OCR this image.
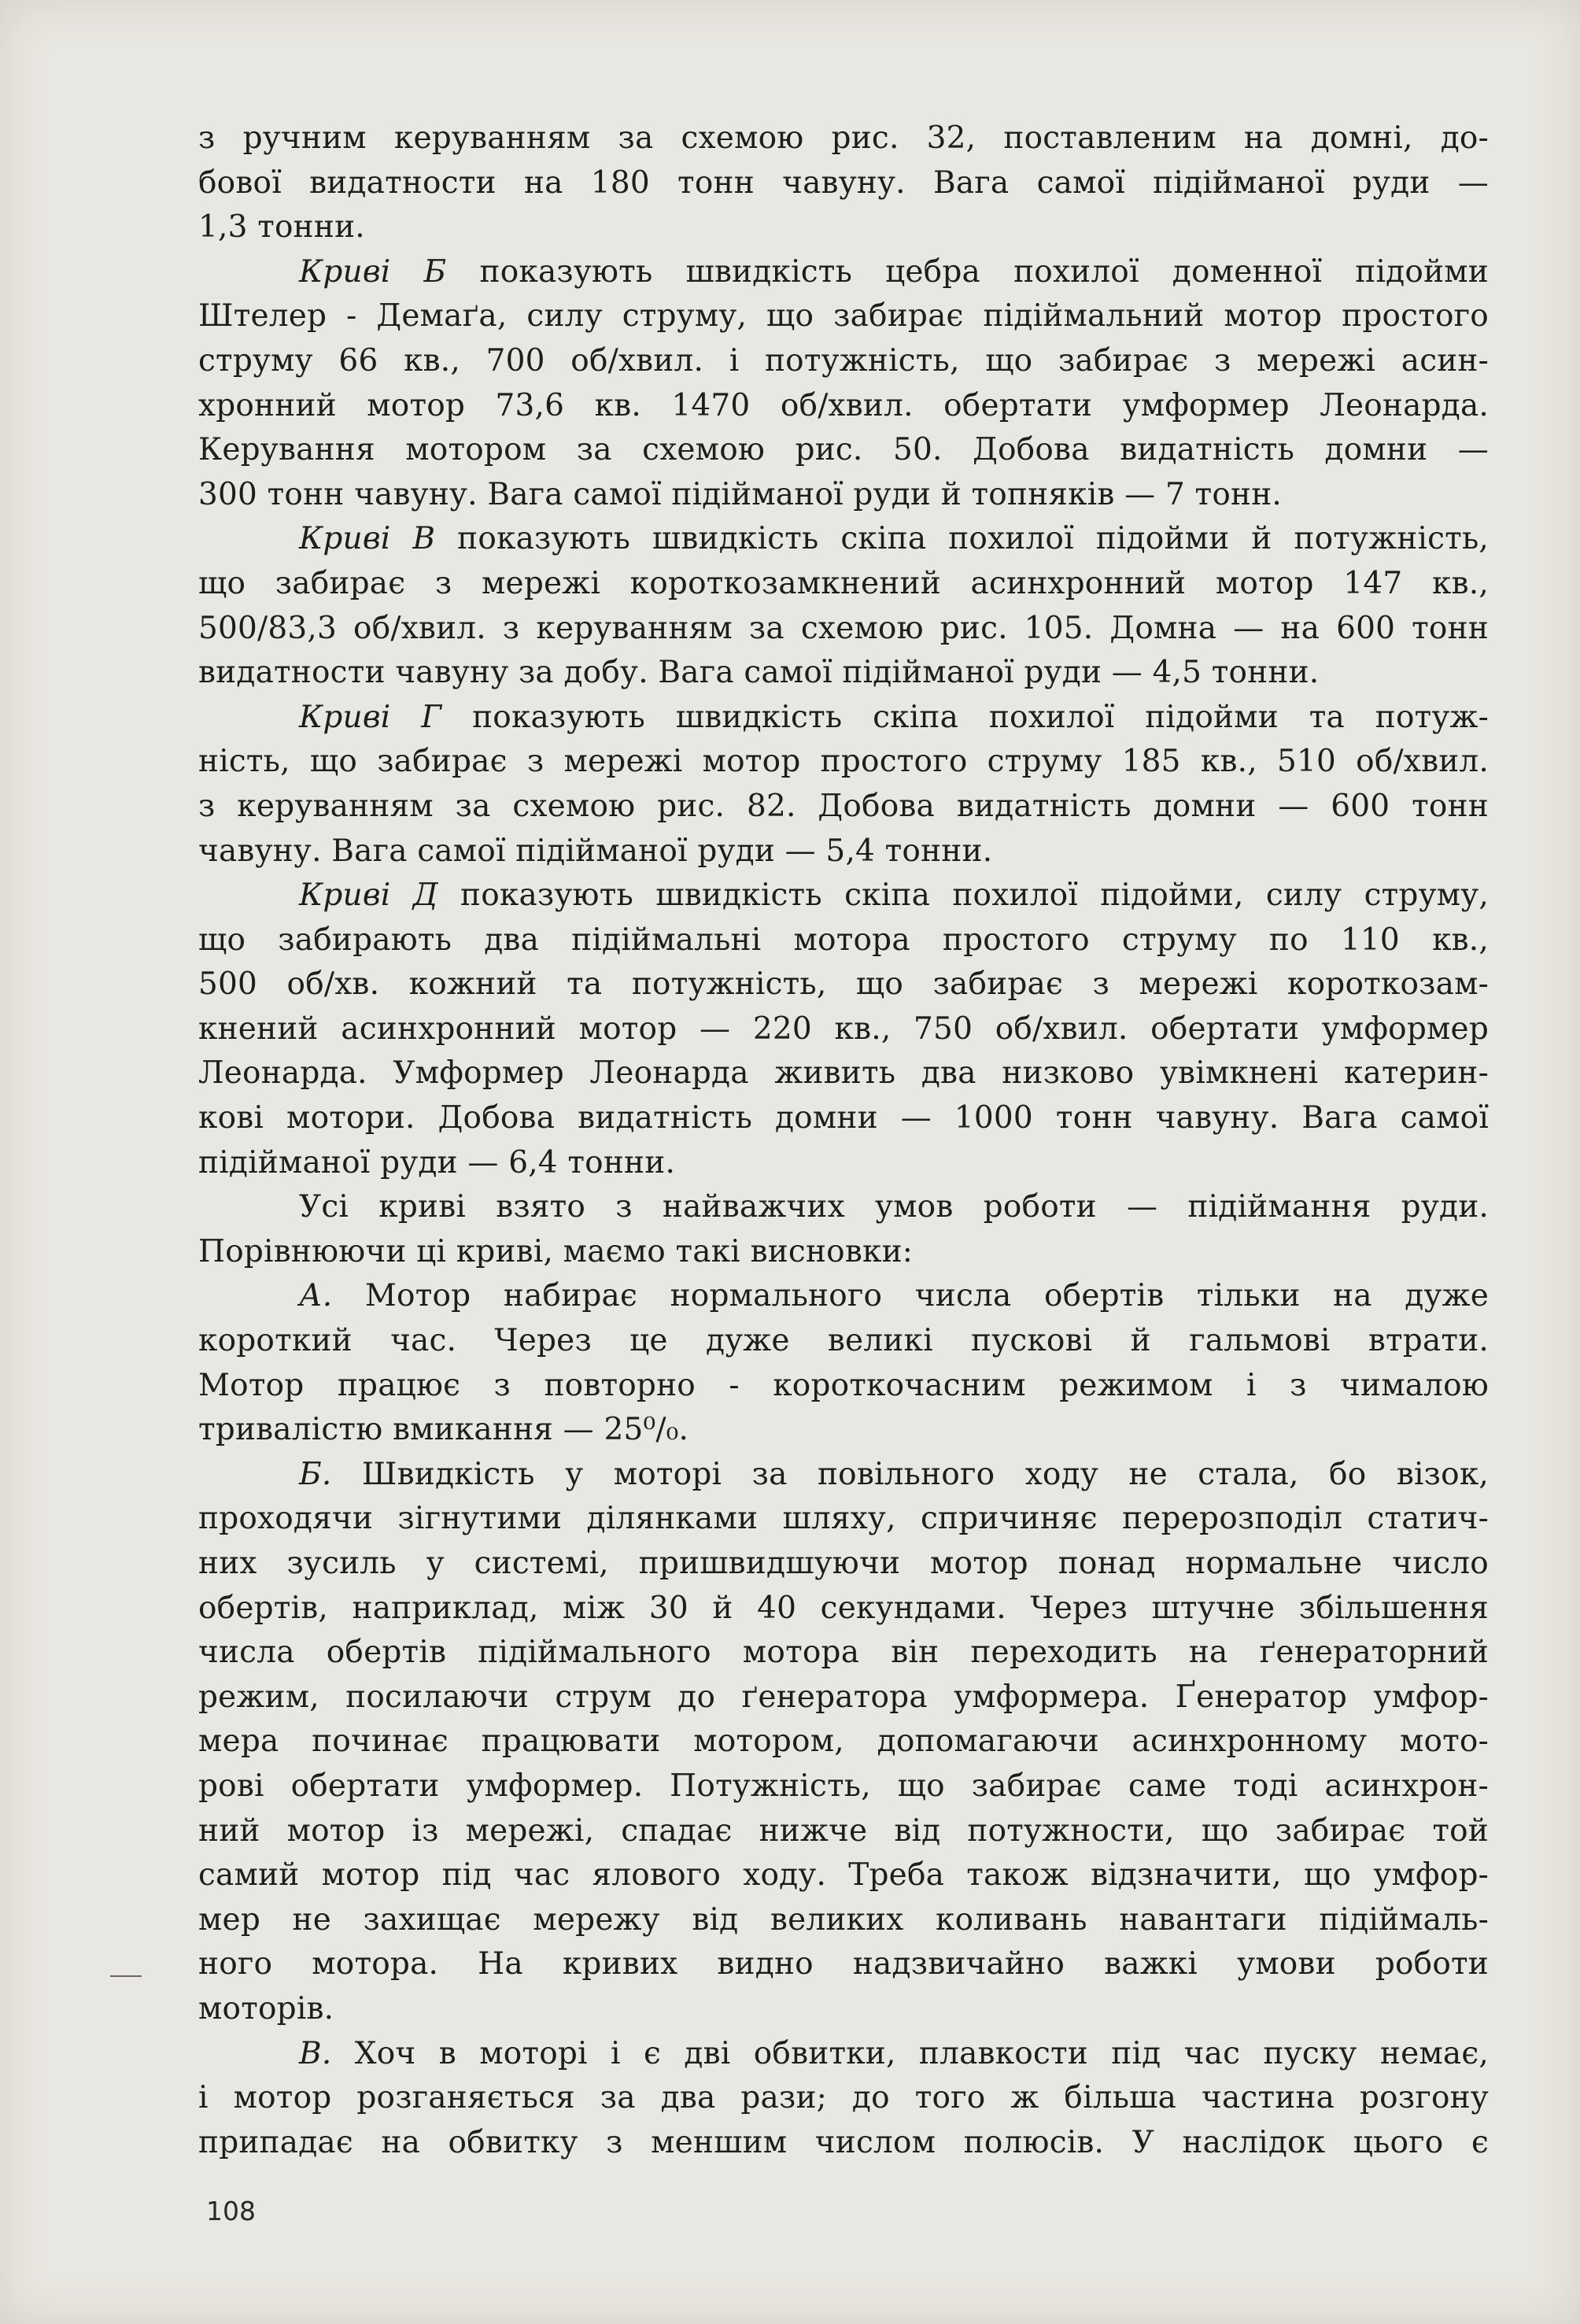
з ручним керуванням за схемою рис. 32, поставленим на домні, до-
бової видатности на 180 тонн чавуну. Вага самої підійманої руди —
1,3 тонни.
Криві Б показують швидкість цебра похилої доменної підойми
Штелер - Демаґа, силу струму, що забирає підіймальний мотор простого
струму 66 кв., 700 об/хвил. і потужність, що забирає з мережі асин-
хронний мотор 73,6 кв. 1470 об/хвил. обертати умформер Леонарда.
Керування мотором за схемою рис. 50. Добова видатність домни —
300 тонн чавуну. Вага самої підійманої руди й топняків — 7 тонн.
Криві В показують швидкість скіпа похилої підойми й потужність,
що забирає з мережі короткозамкнений асинхронний мотор 147 кв.,
500/83,3 об/хвил. з керуванням за схемою рис. 105. Домна — на 600 тонн
видатности чавуну за добу. Вага самої підійманої руди — 4,5 тонни.
Криві Г показують швидкість скіпа похилої підойми та потуж-
ність, що забирає з мережі мотор простого струму 185 кв., 510 об/хвил.
з керуванням за схемою рис. 82. Добова видатність домни — 600 тонн
чавуну. Вага самої підійманої руди — 5,4 тонни.
Криві Д показують швидкість скіпа похилої підойми, силу струму,
що забирають два підіймальні мотора простого струму по 110 кв.,
500 об/хв. кожний та потужність, що забирає з мережі короткозам-
кнений асинхронний мотор — 220 кв., 750 об/хвил. обертати умформер
Леонарда. Умформер Леонарда живить два низково увімкнені катерин-
кові мотори. Добова видатність домни — 1000 тонн чавуну. Вага самої
підійманої руди — 6,4 тонни.
Усі криві взято з найважчих умов роботи — підіймання руди.
Порівнюючи ці криві, маємо такі висновки:
А. Мотор набирає нормального числа обертів тільки на дуже
короткий час. Через це дуже великі пускові й гальмові втрати.
Мотор працює з повторно - короткочасним режимом і з чималою
тривалістю вмикання — 25⁰/₀.
Б. Швидкість у моторі за повільного ходу не стала, бо візок,
проходячи зігнутими ділянками шляху, спричиняє перерозподіл статич-
них зусиль у системі, пришвидшуючи мотор понад нормальне число
обертів, наприклад, між 30 й 40 секундами. Через штучне збільшення
числа обертів підіймального мотора він переходить на ґенераторний
режим, посилаючи струм до ґенератора умформера. Ґенератор умфор-
мера починає працювати мотором, допомагаючи асинхронному мото-
рові обертати умформер. Потужність, що забирає саме тоді асинхрон-
ний мотор із мережі, спадає нижче від потужности, що забирає той
самий мотор під час ялового ходу. Треба також відзначити, що умфор-
мер не захищає мережу від великих коливань навантаги підіймаль-
ного мотора. На кривих видно надзвичайно важкі умови роботи
моторів.
В. Хоч в моторі і є дві обвитки, плавкости під час пуску немає,
і мотор розганяється за два рази; до того ж більша частина розгону
припадає на обвитку з меншим числом полюсів. У наслідок цього є
108
